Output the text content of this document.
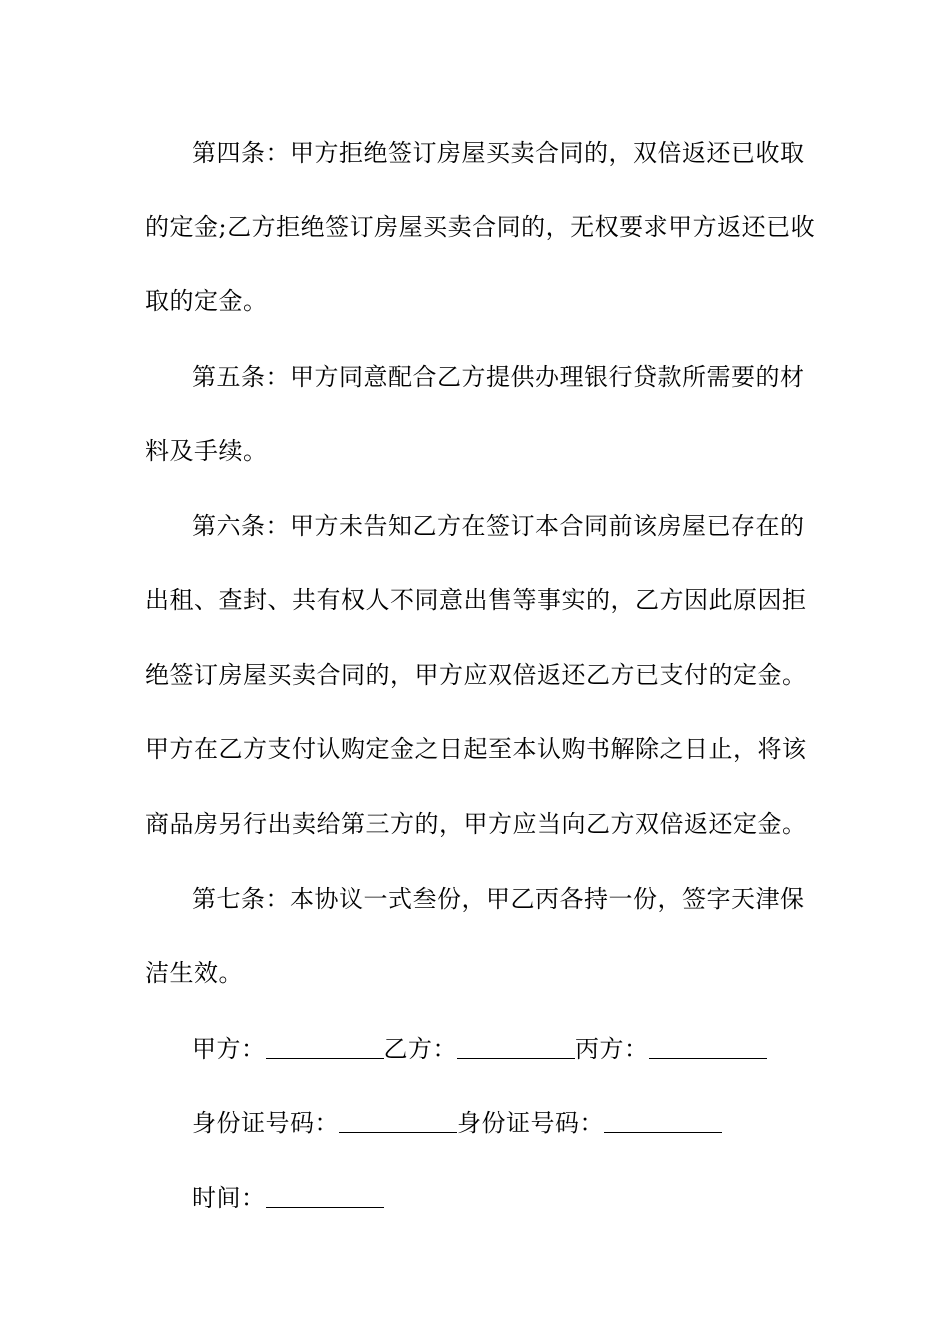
第四条：甲方拒绝签订房屋买卖合同的，双倍返还已收取
的定金;乙方拒绝签订房屋买卖合同的，无权要求甲方返还已收
取的定金。
第五条：甲方同意配合乙方提供办理银行贷款所需要的材
料及手续。
第六条：甲方未告知乙方在签订本合同前该房屋已存在的
出租、查封、共有权人不同意出售等事实的，乙方因此原因拒
绝签订房屋买卖合同的，甲方应双倍返还乙方已支付的定金。
甲方在乙方支付认购定金之日起至本认购书解除之日止，将该
商品房另行出卖给第三方的，甲方应当向乙方双倍返还定金。
第七条：本协议一式叁份，甲乙丙各持一份，签字天津保
洁生效。
甲方：	乙方：	丙方：
身份证号码：	身份证号码：
时间：
